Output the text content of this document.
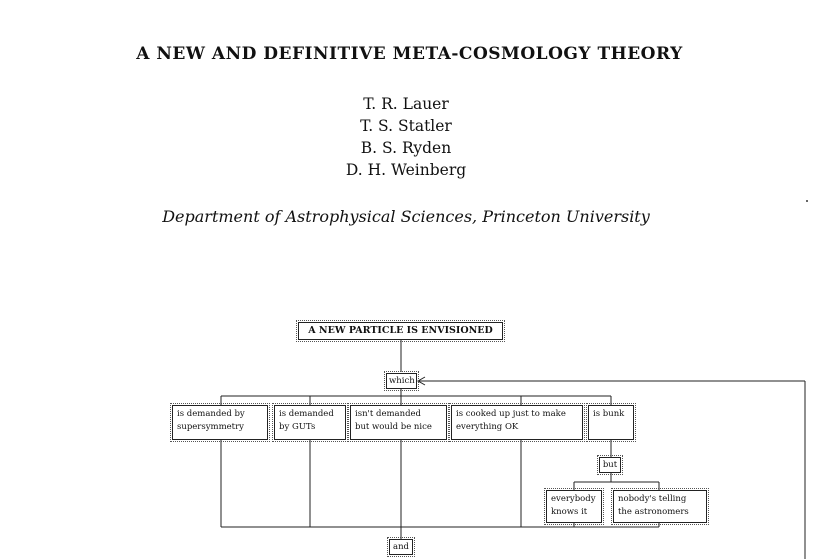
A NEW AND DEFINITIVE META-COSMOLOGY THEORY
T. R. Lauer
T. S. Statler
B. S. Ryden
D. H. Weinberg
Department of Astrophysical Sciences, Princeton University
A NEW PARTICLE IS ENVISIONED
which
is demanded by
supersymmetry
is demanded
by GUTs
isn't demanded
but would be nice
is cooked up just to make
everything OK
is bunk
but
everybody
knows it
nobody's telling
the astronomers
and
